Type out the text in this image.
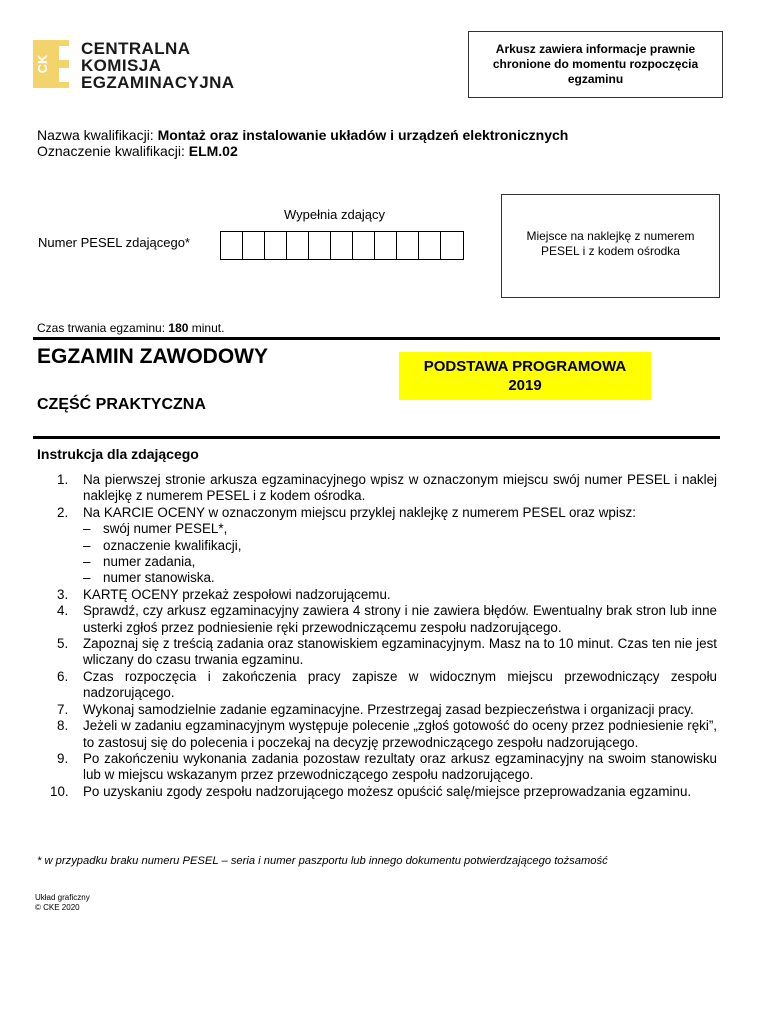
CK
CENTRALNA
KOMISJA
EGZAMINACYJNA
Arkusz zawiera informacje prawnie chronione do momentu rozpoczęcia egzaminu
Nazwa kwalifikacji: Montaż oraz instalowanie układów i urządzeń elektronicznych
Oznaczenie kwalifikacji: ELM.02
Wypełnia zdający
Numer PESEL zdającego*	Miejsce na naklejkę z numerem PESEL i z kodem ośrodka
Czas trwania egzaminu: 180 minut.
EGZAMIN ZAWODOWY
CZĘŚĆ PRAKTYCZNA
PODSTAWA PROGRAMOWA
2019
Instrukcja dla zdającego
1. Na pierwszej stronie arkusza egzaminacyjnego wpisz w oznaczonym miejscu swój numer PESEL i naklej naklejkę z numerem PESEL i z kodem ośrodka.
2. Na KARCIE OCENY w oznaczonym miejscu przyklej naklejkę z numerem PESEL oraz wpisz:
– swój numer PESEL*,
– oznaczenie kwalifikacji,
– numer zadania,
– numer stanowiska.
3. KARTĘ OCENY przekaż zespołowi nadzorującemu.
4. Sprawdź, czy arkusz egzaminacyjny zawiera 4 strony i nie zawiera błędów. Ewentualny brak stron lub inne usterki zgłoś przez podniesienie ręki przewodniczącemu zespołu nadzorującego.
5. Zapoznaj się z treścią zadania oraz stanowiskiem egzaminacyjnym. Masz na to 10 minut. Czas ten nie jest wliczany do czasu trwania egzaminu.
6. Czas rozpoczęcia i zakończenia pracy zapisze w widocznym miejscu przewodniczący zespołu nadzorującego.
7. Wykonaj samodzielnie zadanie egzaminacyjne. Przestrzegaj zasad bezpieczeństwa i organizacji pracy.
8. Jeżeli w zadaniu egzaminacyjnym występuje polecenie „zgłoś gotowość do oceny przez podniesienie ręki”, to zastosuj się do polecenia i poczekaj na decyzję przewodniczącego zespołu nadzorującego.
9. Po zakończeniu wykonania zadania pozostaw rezultaty oraz arkusz egzaminacyjny na swoim stanowisku lub w miejscu wskazanym przez przewodniczącego zespołu nadzorującego.
10. Po uzyskaniu zgody zespołu nadzorującego możesz opuścić salę/miejsce przeprowadzania egzaminu.
* w przypadku braku numeru PESEL – seria i numer paszportu lub innego dokumentu potwierdzającego tożsamość
Układ graficzny
© CKE 2020
